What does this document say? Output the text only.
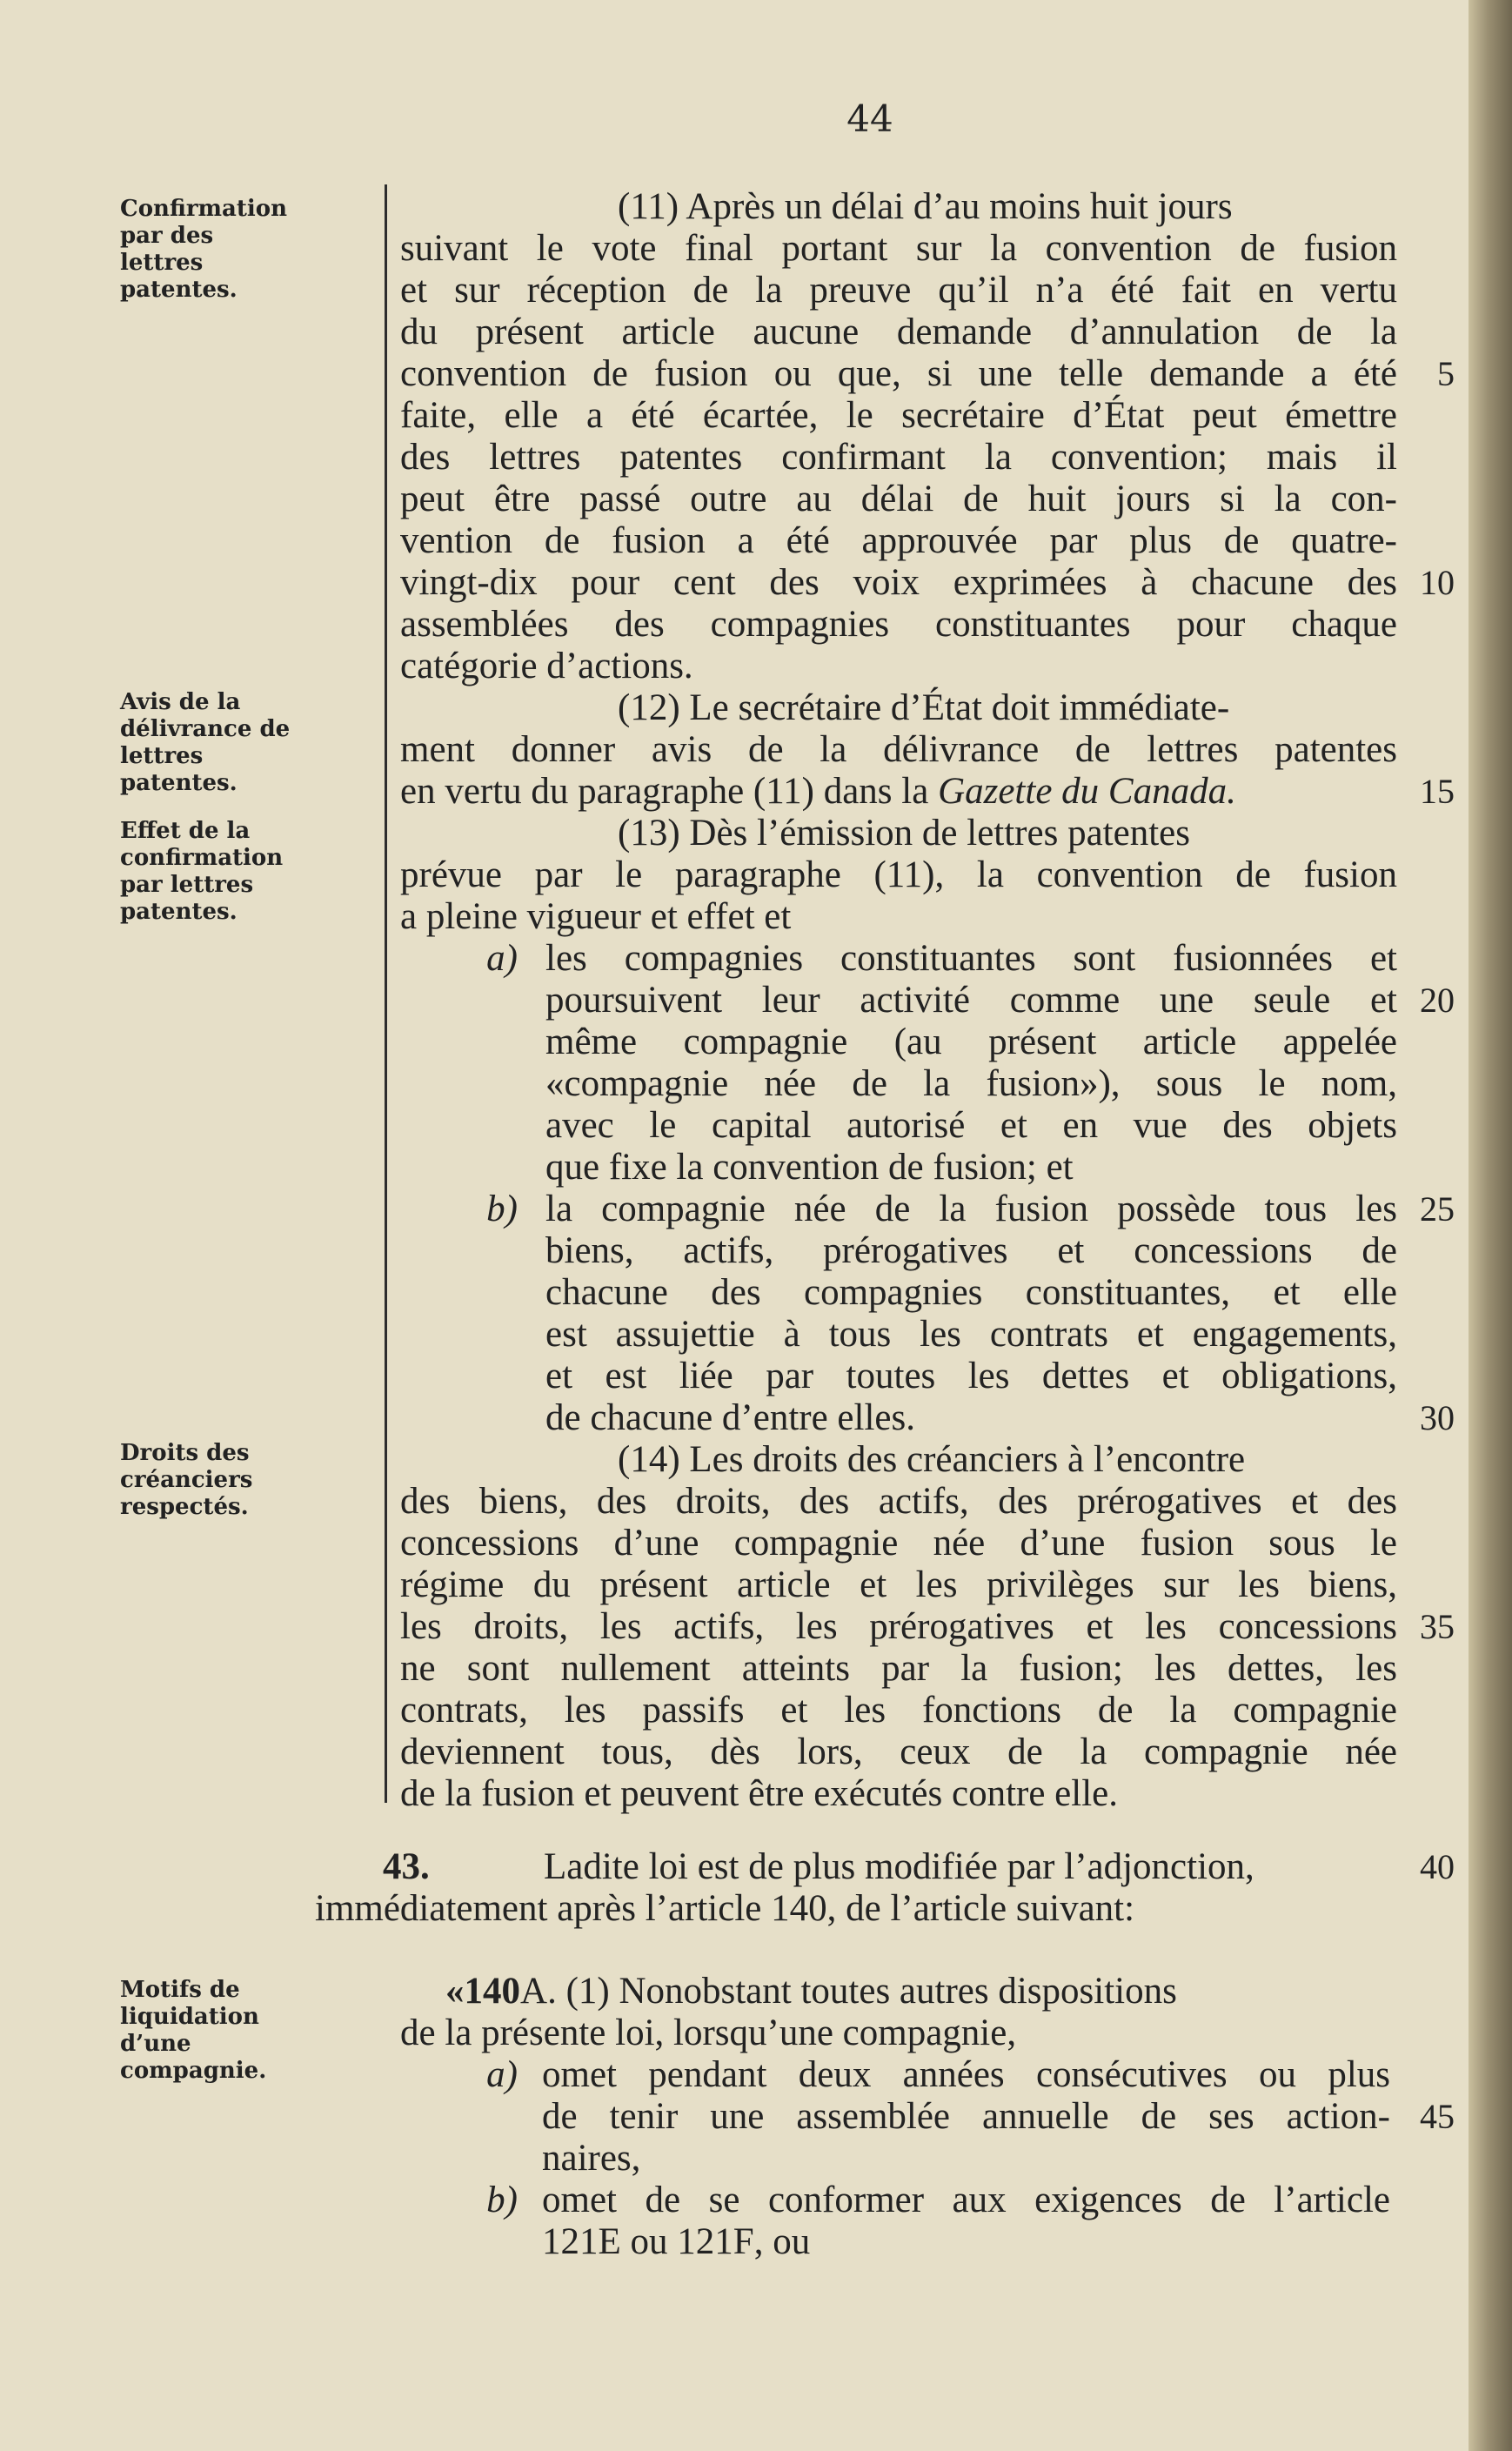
44
Confirmation par des lettres patentes.
Avis de la délivrance de lettres patentes.
Effet de la confirmation par lettres patentes.
Droits des créanciers respectés.
Motifs de liquidation d’une compagnie.
(11) Après un délai d’au moins huit jours
suivant le vote final portant sur la convention de fusion
et sur réception de la preuve qu’il n’a été fait en vertu
du présent article aucune demande d’annulation de la
convention de fusion ou que, si une telle demande a été
faite, elle a été écartée, le secrétaire d’État peut émettre
des lettres patentes confirmant la convention; mais il
peut être passé outre au délai de huit jours si la con-
vention de fusion a été approuvée par plus de quatre-
vingt-dix pour cent des voix exprimées à chacune des
assemblées des compagnies constituantes pour chaque
catégorie d’actions.
(12) Le secrétaire d’État doit immédiate-
ment donner avis de la délivrance de lettres patentes
en vertu du paragraphe (11) dans la Gazette du Canada.
(13) Dès l’émission de lettres patentes
prévue par le paragraphe (11), la convention de fusion
a pleine vigueur et effet et
a) les compagnies constituantes sont fusionnées et
poursuivent leur activité comme une seule et
même compagnie (au présent article appelée
«compagnie née de la fusion»), sous le nom,
avec le capital autorisé et en vue des objets
que fixe la convention de fusion; et
b) la compagnie née de la fusion possède tous les
biens, actifs, prérogatives et concessions de
chacune des compagnies constituantes, et elle
est assujettie à tous les contrats et engagements,
et est liée par toutes les dettes et obligations,
de chacune d’entre elles.
(14) Les droits des créanciers à l’encontre
des biens, des droits, des actifs, des prérogatives et des
concessions d’une compagnie née d’une fusion sous le
régime du présent article et les privilèges sur les biens,
les droits, les actifs, les prérogatives et les concessions
ne sont nullement atteints par la fusion; les dettes, les
contrats, les passifs et les fonctions de la compagnie
deviennent tous, dès lors, ceux de la compagnie née
de la fusion et peuvent être exécutés contre elle.
43.	Ladite loi est de plus modifiée par l’adjonction,
immédiatement après l’article 140, de l’article suivant:
«140A. (1) Nonobstant toutes autres dispositions
de la présente loi, lorsqu’une compagnie,
a) omet pendant deux années consécutives ou plus
de tenir une assemblée annuelle de ses action-
naires,
b) omet de se conformer aux exigences de l’article
121E ou 121F, ou
5
10
15
20
25
30
35
40
45
